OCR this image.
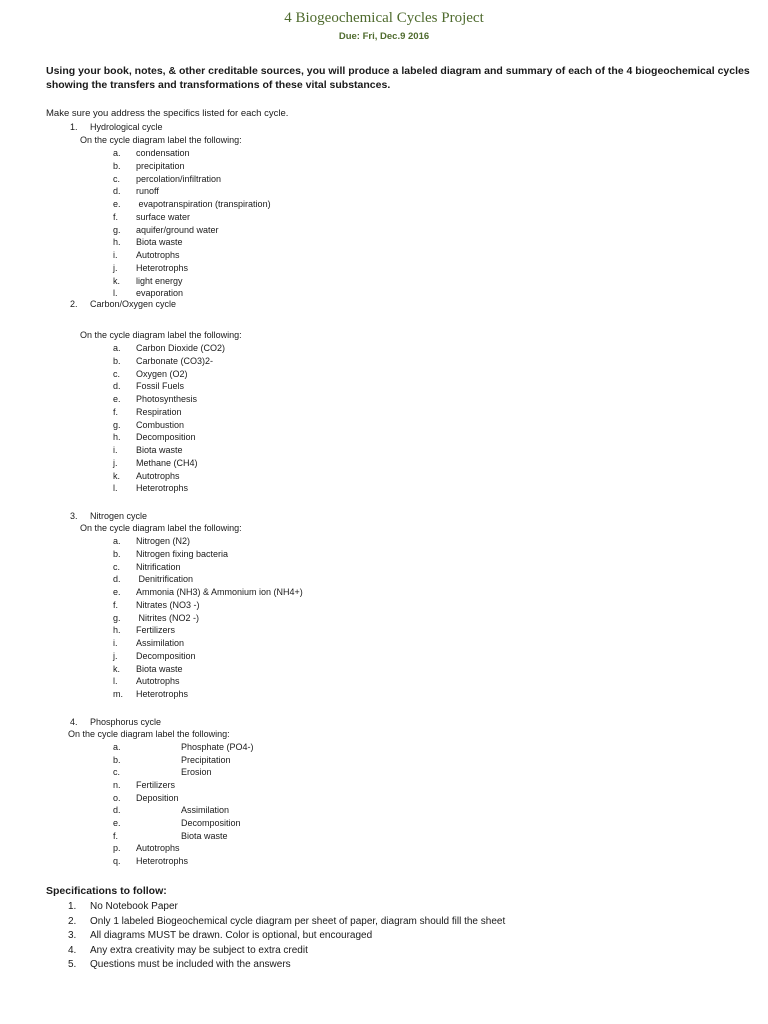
4 Biogeochemical Cycles Project
Due: Fri, Dec.9 2016
Using your book, notes, & other creditable sources, you will produce a labeled diagram and summary of each of the 4 biogeochemical cycles showing the transfers and transformations of these vital substances.
Make sure you address the specifics listed for each cycle.
1. Hydrological cycle
On the cycle diagram label the following:
a. condensation
b. precipitation
c. percolation/infiltration
d. runoff
e. evapotranspiration (transpiration)
f. surface water
g. aquifer/ground water
h. Biota waste
i. Autotrophs
j. Heterotrophs
k. light energy
l. evaporation
2. Carbon/Oxygen cycle
On the cycle diagram label the following:
a. Carbon Dioxide (CO2)
b. Carbonate (CO3)2-
c. Oxygen (O2)
d. Fossil Fuels
e. Photosynthesis
f. Respiration
g. Combustion
h. Decomposition
i. Biota waste
j. Methane (CH4)
k. Autotrophs
l. Heterotrophs
3. Nitrogen cycle
On the cycle diagram label the following:
a. Nitrogen (N2)
b. Nitrogen fixing bacteria
c. Nitrification
d. Denitrification
e. Ammonia (NH3) & Ammonium ion (NH4+)
f. Nitrates (NO3 -)
g. Nitrites (NO2 -)
h. Fertilizers
i. Assimilation
j. Decomposition
k. Biota waste
l. Autotrophs
m. Heterotrophs
4. Phosphorus cycle
On the cycle diagram label the following:
a.	Phosphate (PO4-)
b.	Precipitation
c.	Erosion
n. Fertilizers
o. Deposition
d.	Assimilation
e.	Decomposition
f.	Biota waste
p. Autotrophs
q. Heterotrophs
Specifications to follow:
1. No Notebook Paper
2. Only 1 labeled Biogeochemical cycle diagram per sheet of paper, diagram should fill the sheet
3. All diagrams MUST be drawn. Color is optional, but encouraged
4. Any extra creativity may be subject to extra credit
5. Questions must be included with the answers
